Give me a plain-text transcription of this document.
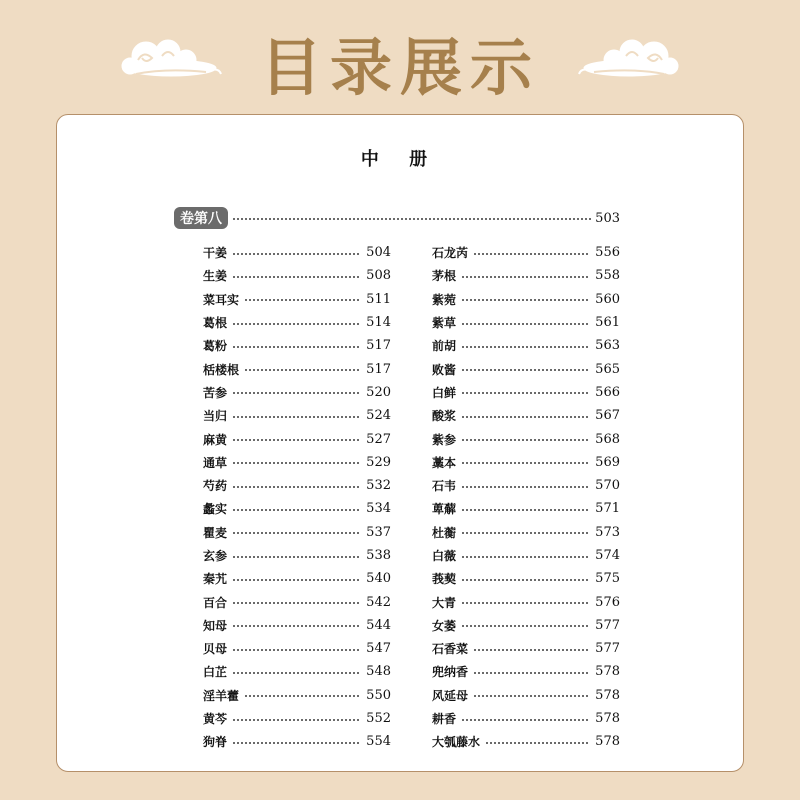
目录展示
中 册
卷第八	503
干姜	504
生姜	508
菜耳实	511
葛根	514
葛粉	517
栝楼根	517
苦参	520
当归	524
麻黄	527
通草	529
芍药	532
蠡实	534
瞿麦	537
玄参	538
秦艽	540
百合	542
知母	544
贝母	547
白芷	548
淫羊藿	550
黄芩	552
狗脊	554
石龙芮	556
茅根	558
紫菀	560
紫草	561
前胡	563
败酱	565
白鲜	566
酸浆	567
紫参	568
藁本	569
石韦	570
萆薢	571
杜蘅	573
白薇	574
莪葜	575
大青	576
女萎	577
石香菜	577
兜纳香	578
风延母	578
耕香	578
大瓠藤水	578
